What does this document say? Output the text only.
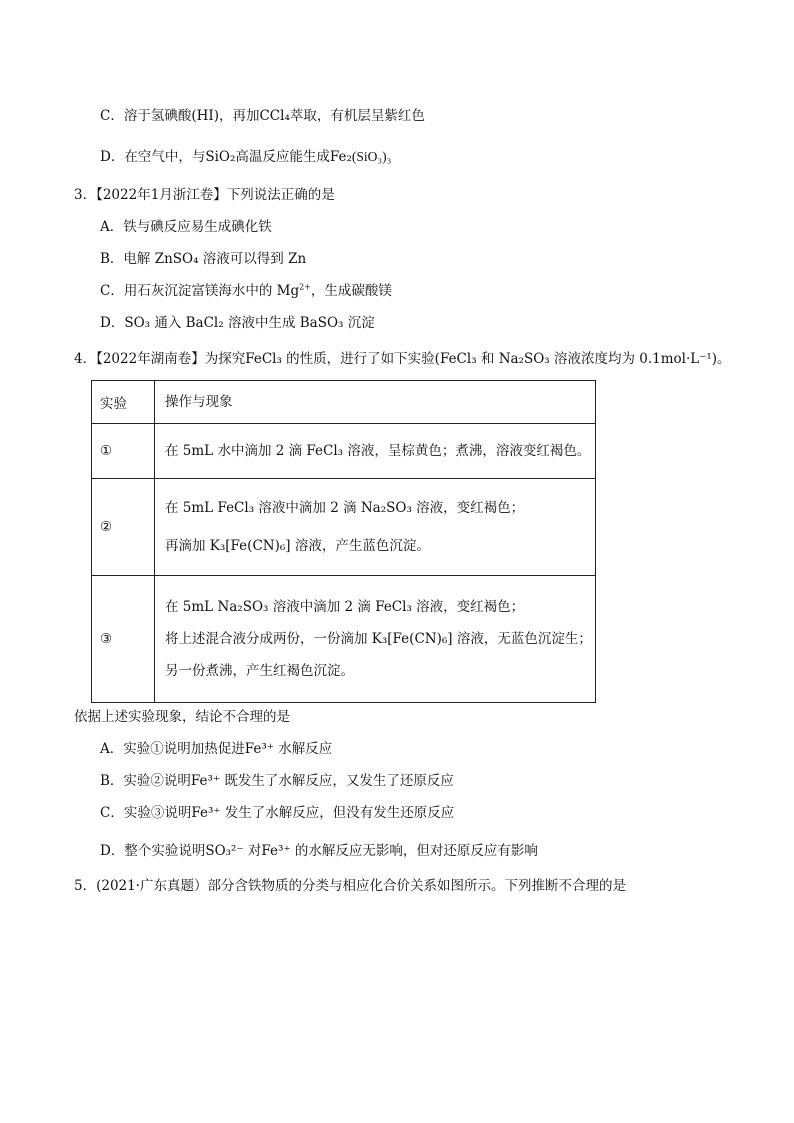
C．溶于氢碘酸(HI)，再加CCl₄萃取，有机层呈紫红色
D．在空气中，与SiO₂高温反应能生成Fe₂(SiO₃)₃
3．【2022年1月浙江卷】下列说法正确的是
A．铁与碘反应易生成碘化铁
B．电解 ZnSO₄ 溶液可以得到 Zn
C．用石灰沉淀富镁海水中的 $Mg^{2+}$，生成碳酸镁
D．SO₃ 通入 BaCl₂ 溶液中生成 BaSO₃ 沉淀
4．【2022年湖南卷】为探究FeCl₃ 的性质，进行了如下实验(FeCl₃ 和 Na₂SO₃ 溶液浓度均为 0.1mol·L⁻¹)。
实验	操作与现象

①	在 5mL 水中滴加 2 滴 FeCl₃ 溶液，呈棕黄色；煮沸，溶液变红褐色。

②	在 5mL FeCl₃ 溶液中滴加 2 滴 Na₂SO₃ 溶液，变红褐色；
再滴加 K₃[Fe(CN)₆] 溶液，产生蓝色沉淀。

③	在 5mL Na₂SO₃ 溶液中滴加 2 滴 FeCl₃ 溶液，变红褐色；
将上述混合液分成两份，一份滴加 K₃[Fe(CN)₆] 溶液，无蓝色沉淀生；
另一份煮沸，产生红褐色沉淀。
依据上述实验现象，结论不合理的是
A．实验①说明加热促进Fe³⁺ 水解反应
B．实验②说明Fe³⁺ 既发生了水解反应，又发生了还原反应
C．实验③说明Fe³⁺ 发生了水解反应，但没有发生还原反应
D．整个实验说明SO₃²⁻ 对Fe³⁺ 的水解反应无影响，但对还原反应有影响
5．(2021·广东真题）部分含铁物质的分类与相应化合价关系如图所示。下列推断不合理的是
